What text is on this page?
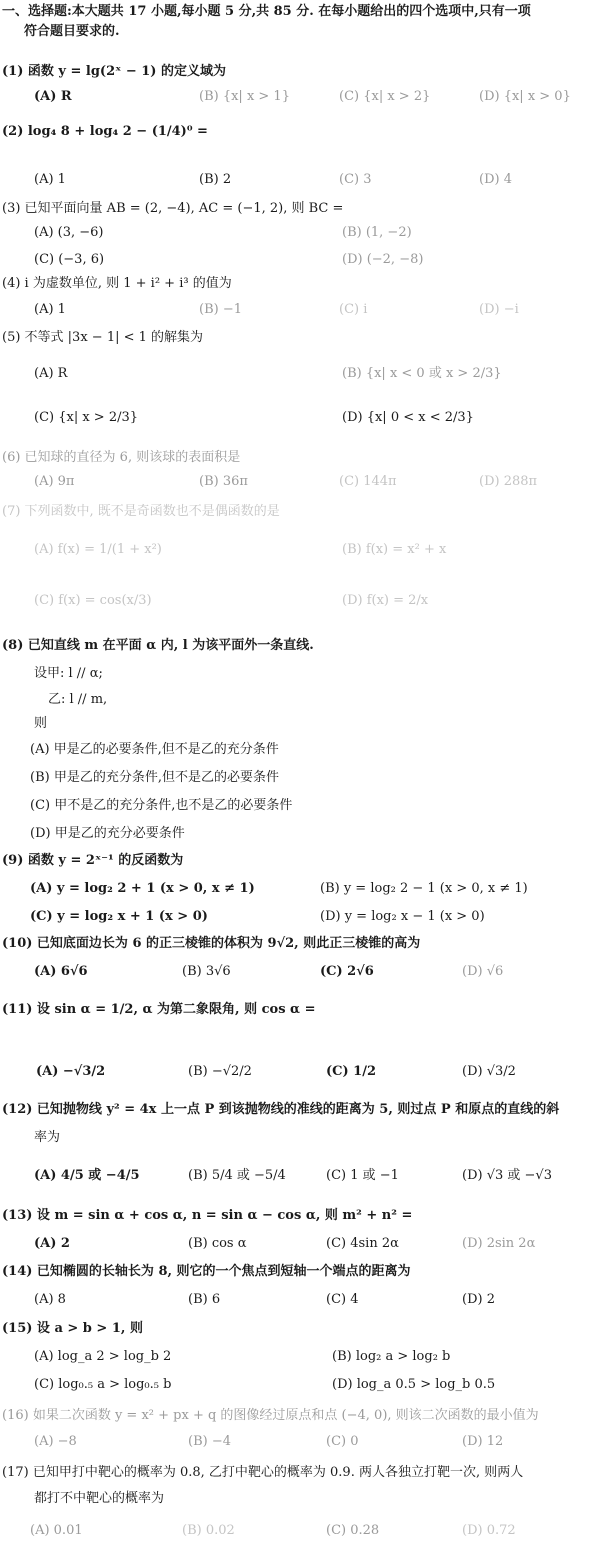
一、选择题:本大题共 17 小题,每小题 5 分,共 85 分. 在每小题给出的四个选项中,只有一项
符合题目要求的.
(1) 函数 y = lg(2ˣ − 1) 的定义域为
(A) R	(B) {x| x > 1}	(C) {x| x > 2}	(D) {x| x > 0}
(2) log₄ 8 + log₄ 2 − (1/4)⁰ =
(A) 1	(B) 2	(C) 3	(D) 4
(3) 已知平面向量 AB = (2, −4), AC = (−1, 2), 则 BC =
(A) (3, −6)	(B) (1, −2)
(C) (−3, 6)	(D) (−2, −8)
(4) i 为虚数单位, 则 1 + i² + i³ 的值为
(A) 1	(B) −1	(C) i	(D) −i
(5) 不等式 |3x − 1| < 1 的解集为
(A) R	(B) {x| x < 0 或 x > 2/3}
(C) {x| x > 2/3}	(D) {x| 0 < x < 2/3}
(6) 已知球的直径为 6, 则该球的表面积是
(A) 9π	(B) 36π	(C) 144π	(D) 288π
(7) 下列函数中, 既不是奇函数也不是偶函数的是
(A) f(x) = 1/(1 + x²)	(B) f(x) = x² + x
(C) f(x) = cos(x/3)	(D) f(x) = 2/x
(8) 已知直线 m 在平面 α 内, l 为该平面外一条直线.
设甲: l // α;
乙: l // m,
则
(A) 甲是乙的必要条件,但不是乙的充分条件
(B) 甲是乙的充分条件,但不是乙的必要条件
(C) 甲不是乙的充分条件,也不是乙的必要条件
(D) 甲是乙的充分必要条件
(9) 函数 y = 2ˣ⁻¹ 的反函数为
(A) y = log₂ 2 + 1 (x > 0, x ≠ 1)	(B) y = log₂ 2 − 1 (x > 0, x ≠ 1)
(C) y = log₂ x + 1 (x > 0)	(D) y = log₂ x − 1 (x > 0)
(10) 已知底面边长为 6 的正三棱锥的体积为 9√2, 则此正三棱锥的高为
(A) 6√6	(B) 3√6	(C) 2√6	(D) √6
(11) 设 sin α = 1/2, α 为第二象限角, 则 cos α =
(A) −√3/2	(B) −√2/2	(C) 1/2	(D) √3/2
(12) 已知抛物线 y² = 4x 上一点 P 到该抛物线的准线的距离为 5, 则过点 P 和原点的直线的斜
率为
(A) 4/5 或 −4/5	(B) 5/4 或 −5/4	(C) 1 或 −1	(D) √3 或 −√3
(13) 设 m = sin α + cos α, n = sin α − cos α, 则 m² + n² =
(A) 2	(B) cos α	(C) 4sin 2α	(D) 2sin 2α
(14) 已知椭圆的长轴长为 8, 则它的一个焦点到短轴一个端点的距离为
(A) 8	(B) 6	(C) 4	(D) 2
(15) 设 a > b > 1, 则
(A) log_a 2 > log_b 2	(B) log₂ a > log₂ b
(C) log₀.₅ a > log₀.₅ b	(D) log_a 0.5 > log_b 0.5
(16) 如果二次函数 y = x² + px + q 的图像经过原点和点 (−4, 0), 则该二次函数的最小值为
(A) −8	(B) −4	(C) 0	(D) 12
(17) 已知甲打中靶心的概率为 0.8, 乙打中靶心的概率为 0.9. 两人各独立打靶一次, 则两人
都打不中靶心的概率为
(A) 0.01	(B) 0.02	(C) 0.28	(D) 0.72
